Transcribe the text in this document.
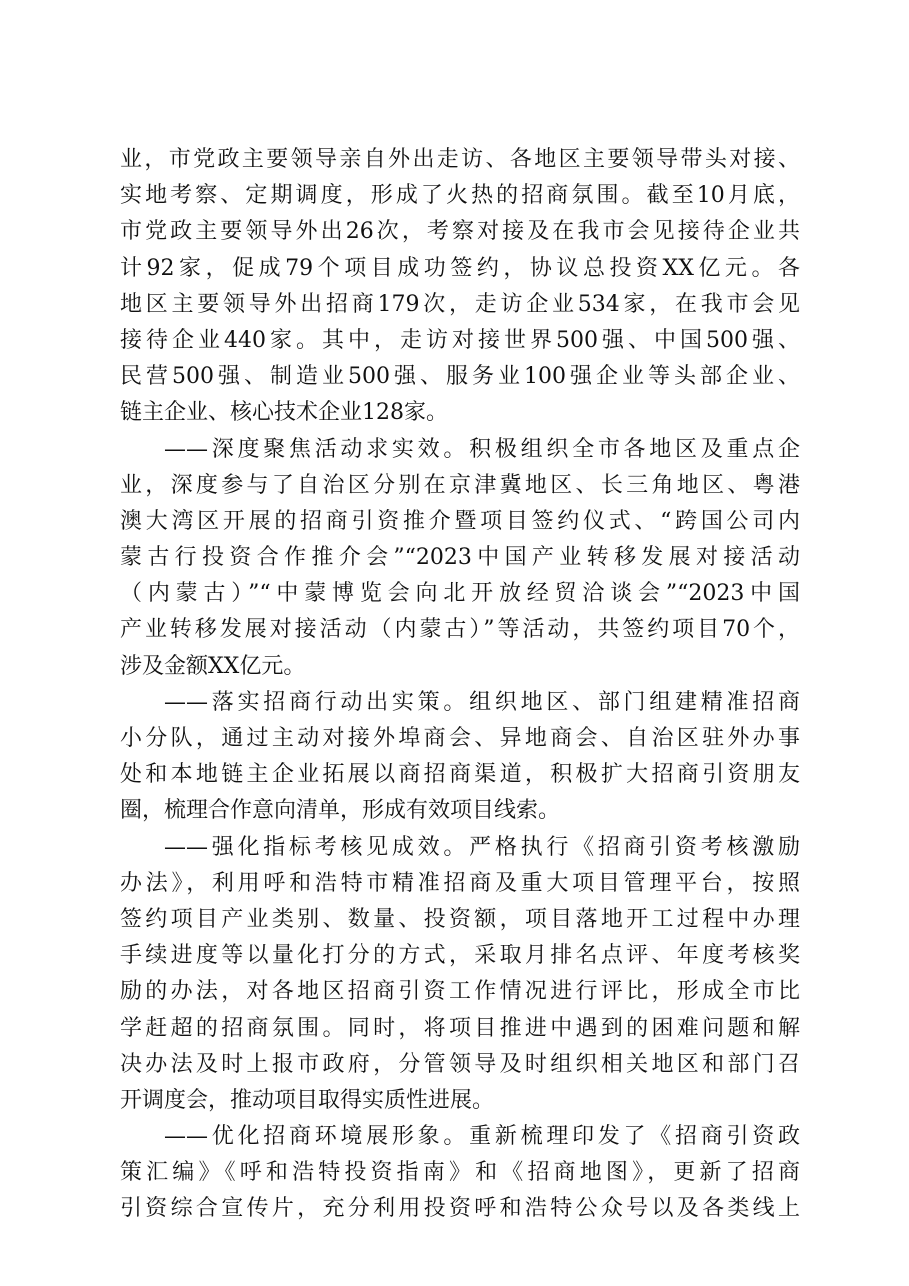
业，市党政主要领导亲自外出走访、各地区主要领导带头对接、
实地考察、定期调度，形成了火热的招商氛围。截至10月底，
市党政主要领导外出26次，考察对接及在我市会见接待企业共
计92家，促成79个项目成功签约，协议总投资XX亿元。各
地区主要领导外出招商179次，走访企业534家，在我市会见
接待企业440家。其中，走访对接世界500强、中国500强、
民营500强、制造业500强、服务业100强企业等头部企业、
链主企业、核心技术企业128家。
——深度聚焦活动求实效。积极组织全市各地区及重点企
业，深度参与了自治区分别在京津冀地区、长三角地区、粤港
澳大湾区开展的招商引资推介暨项目签约仪式、“跨国公司内
蒙古行投资合作推介会”“2023中国产业转移发展对接活动
（内蒙古）”“中蒙博览会向北开放经贸洽谈会”“2023中国
产业转移发展对接活动（内蒙古）”等活动，共签约项目70个，
涉及金额XX亿元。
——落实招商行动出实策。组织地区、部门组建精准招商
小分队，通过主动对接外埠商会、异地商会、自治区驻外办事
处和本地链主企业拓展以商招商渠道，积极扩大招商引资朋友
圈，梳理合作意向清单，形成有效项目线索。
——强化指标考核见成效。严格执行《招商引资考核激励
办法》，利用呼和浩特市精准招商及重大项目管理平台，按照
签约项目产业类别、数量、投资额，项目落地开工过程中办理
手续进度等以量化打分的方式，采取月排名点评、年度考核奖
励的办法，对各地区招商引资工作情况进行评比，形成全市比
学赶超的招商氛围。同时，将项目推进中遇到的困难问题和解
决办法及时上报市政府，分管领导及时组织相关地区和部门召
开调度会，推动项目取得实质性进展。
——优化招商环境展形象。重新梳理印发了《招商引资政
策汇编》《呼和浩特投资指南》和《招商地图》，更新了招商
引资综合宣传片，充分利用投资呼和浩特公众号以及各类线上
